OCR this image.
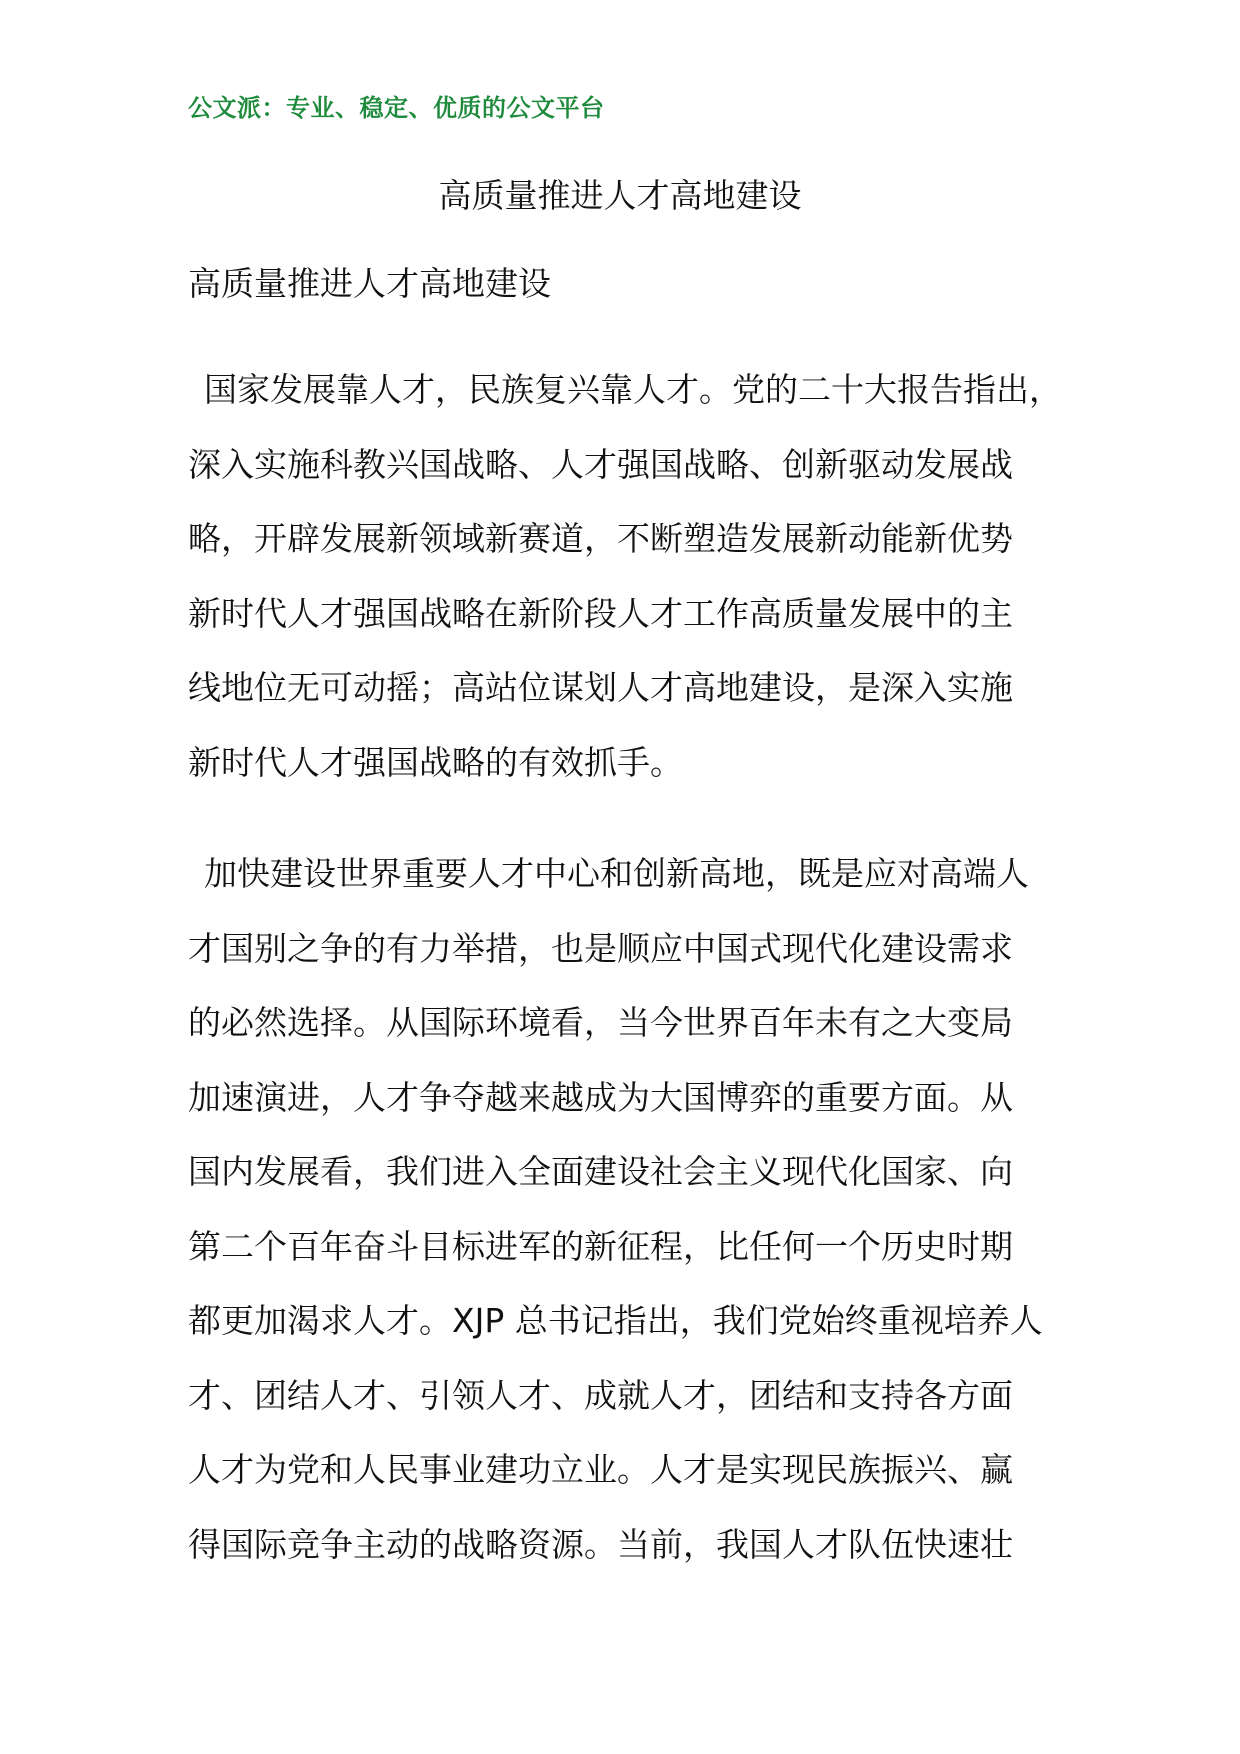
公文派：专业、稳定、优质的公文平台
高质量推进人才高地建设

高质量推进人才高地建设

国家发展靠人才，民族复兴靠人才。党的二十大报告指出，
深入实施科教兴国战略、人才强国战略、创新驱动发展战
略，开辟发展新领域新赛道，不断塑造发展新动能新优势
新时代人才强国战略在新阶段人才工作高质量发展中的主
线地位无可动摇；高站位谋划人才高地建设，是深入实施
新时代人才强国战略的有效抓手。

加快建设世界重要人才中心和创新高地，既是应对高端人
才国别之争的有力举措，也是顺应中国式现代化建设需求
的必然选择。从国际环境看，当今世界百年未有之大变局
加速演进，人才争夺越来越成为大国博弈的重要方面。从
国内发展看，我们进入全面建设社会主义现代化国家、向
第二个百年奋斗目标进军的新征程，比任何一个历史时期
都更加渴求人才。XJP 总书记指出，我们党始终重视培养人
才、团结人才、引领人才、成就人才，团结和支持各方面
人才为党和人民事业建功立业。人才是实现民族振兴、赢
得国际竞争主动的战略资源。当前，我国人才队伍快速壮
